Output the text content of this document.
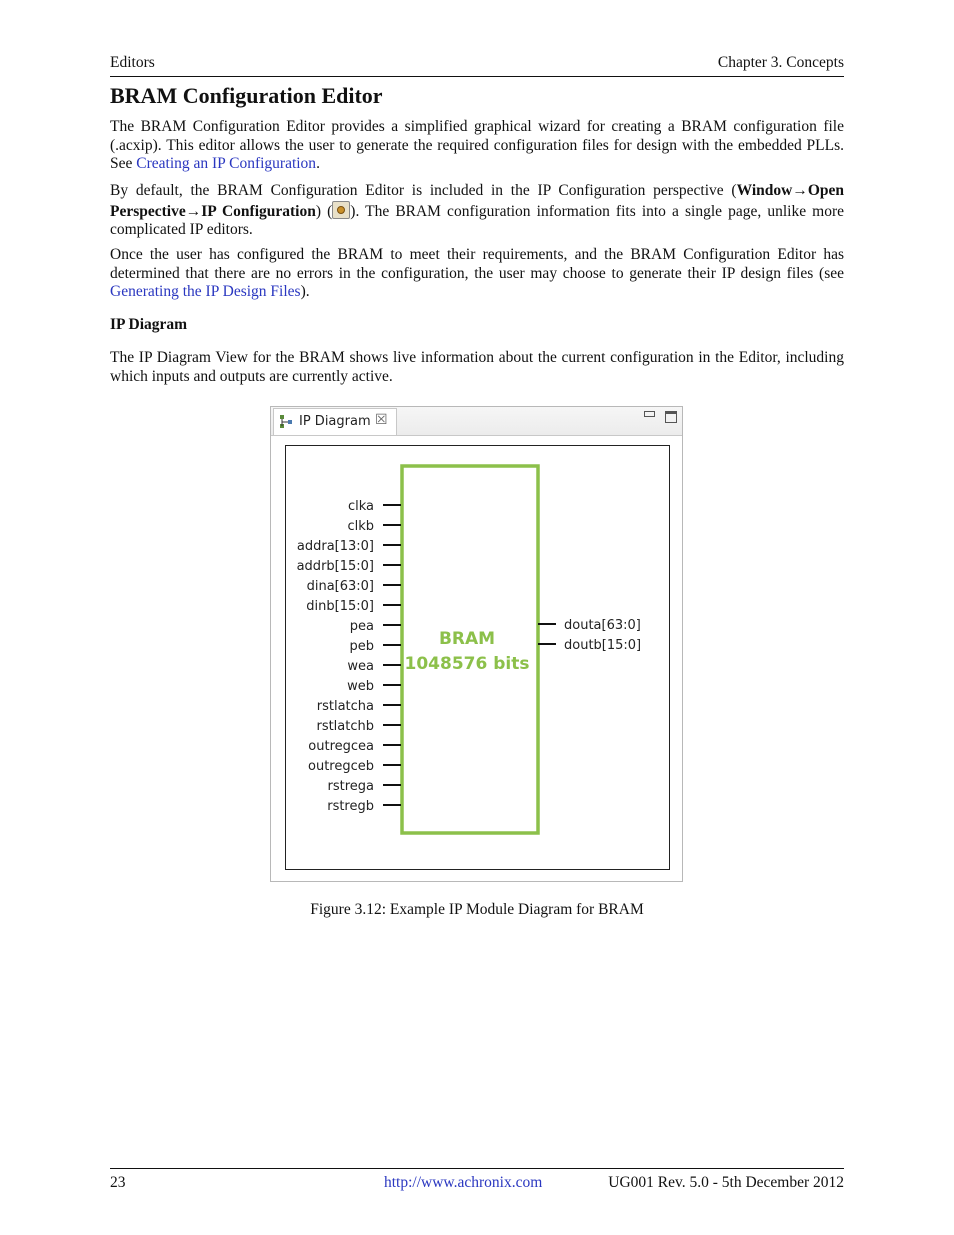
Editors	Chapter 3. Concepts
BRAM Configuration Editor

The BRAM Configuration Editor provides a simplified graphical wizard for creating a BRAM configuration file (.acxip). This editor allows the user to generate the required configuration files for design with the embedded PLLs. See Creating an IP Configuration.

By default, the BRAM Configuration Editor is included in the IP Configuration perspective (Window→Open Perspective→IP Configuration) ( ). The BRAM configuration information fits into a single page, unlike more complicated IP editors.

Once the user has configured the BRAM to meet their requirements, and the BRAM Configuration Editor has determined that there are no errors in the configuration, the user may choose to generate their IP design files (see Generating the IP Design Files).

IP Diagram

The IP Diagram View for the BRAM shows live information about the current configuration in the Editor, including which inputs and outputs are currently active.

IP Diagram ☒
BRAM
1048576 bits
clka
clkb
addra[13:0]
addrb[15:0]
dina[63:0]
dinb[15:0]
pea
peb
wea
web
rstlatcha
rstlatchb
outregcea
outregceb
rstrega
rstregb
douta[63:0]
doutb[15:0]
Figure 3.12: Example IP Module Diagram for BRAM
23	http://www.achronix.com	UG001 Rev. 5.0 - 5th December 2012
